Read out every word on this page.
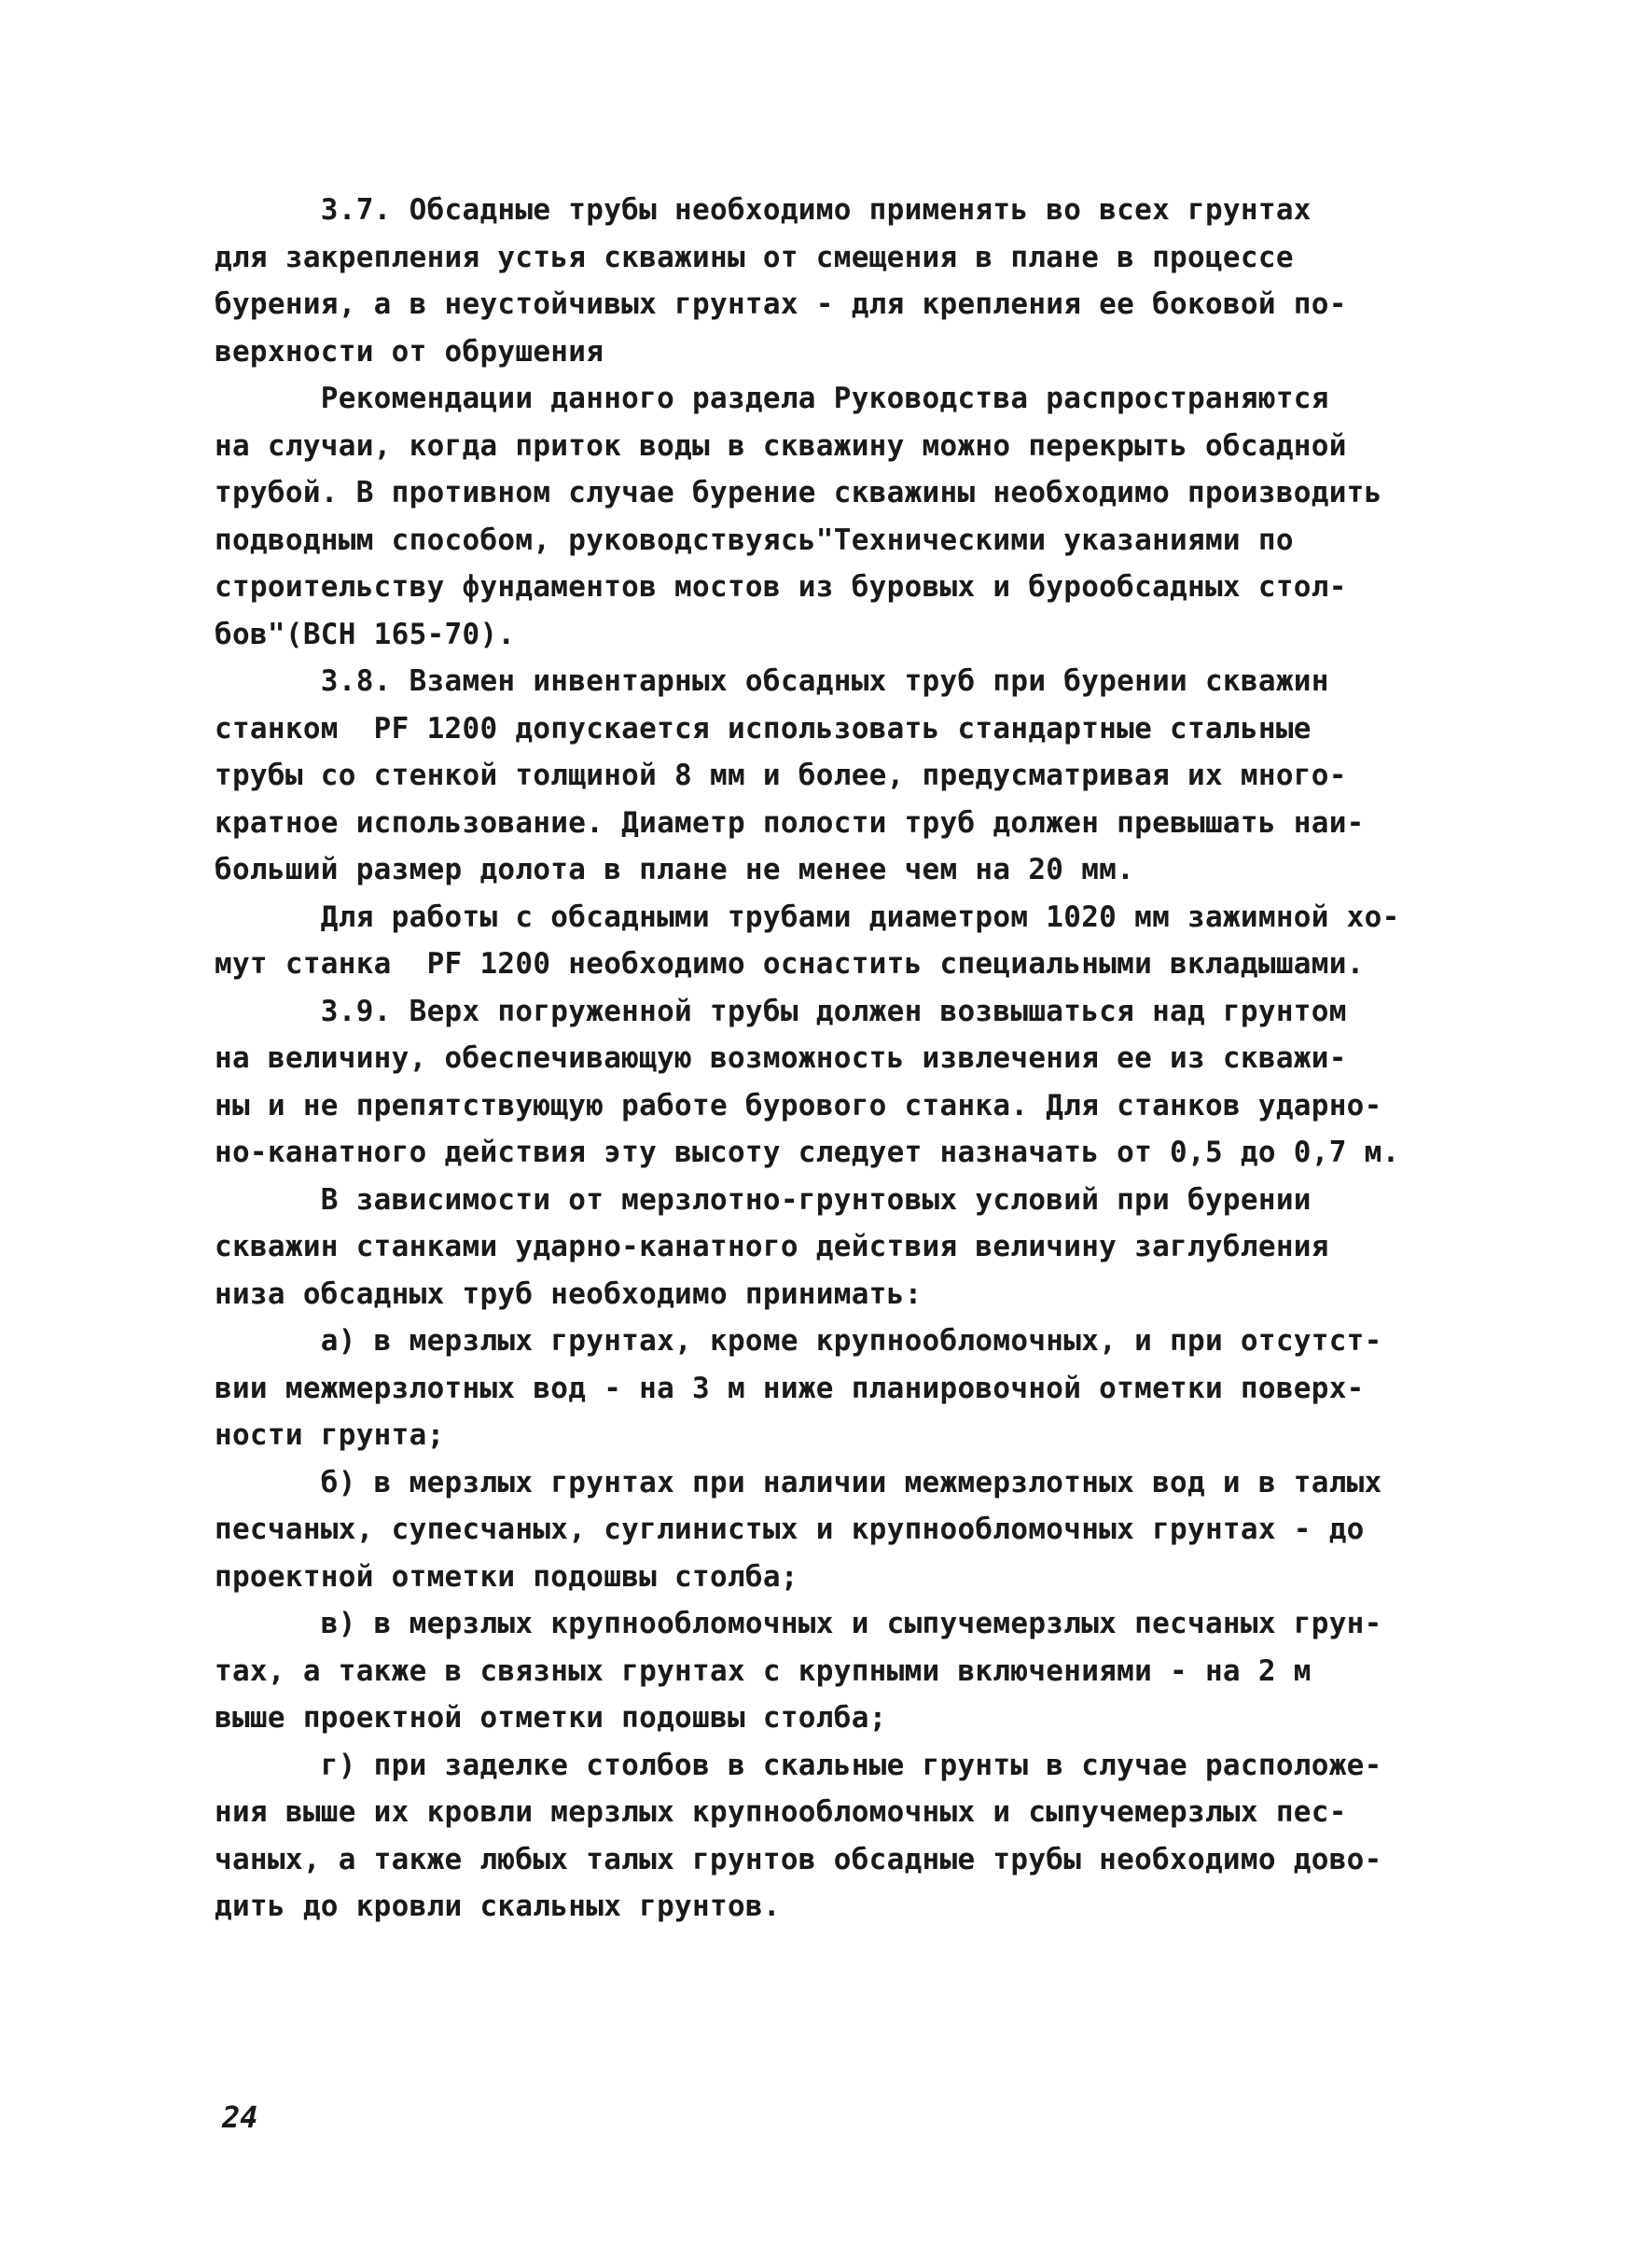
3.7. Обсадные трубы необходимо применять во всех грунтах
для закрепления устья скважины от смещения в плане в процессе
бурения, а в неустойчивых грунтах - для крепления ее боковой по-
верхности от обрушения
Рекомендации данного раздела Руководства распространяются
на случаи, когда приток воды в скважину можно перекрыть обсадной
трубой. В противном случае бурение скважины необходимо производить
подводным способом, руководствуясь"Техническими указаниями по
строительству фундаментов мостов из буровых и бурообсадных стол-
бов"(ВСН 165-70).
3.8. Взамен инвентарных обсадных труб при бурении скважин
станком  PF 1200 допускается использовать стандартные стальные
трубы со стенкой толщиной 8 мм и более, предусматривая их много-
кратное использование. Диаметр полости труб должен превышать наи-
больший размер долота в плане не менее чем на 20 мм.
Для работы с обсадными трубами диаметром 1020 мм зажимной хо-
мут станка  PF 1200 необходимо оснастить специальными вкладышами.
3.9. Верх погруженной трубы должен возвышаться над грунтом
на величину, обеспечивающую возможность извлечения ее из скважи-
ны и не препятствующую работе бурового станка. Для станков ударно-
но-канатного действия эту высоту следует назначать от 0,5 до 0,7 м.
В зависимости от мерзлотно-грунтовых условий при бурении
скважин станками ударно-канатного действия величину заглубления
низа обсадных труб необходимо принимать:
а) в мерзлых грунтах, кроме крупнообломочных, и при отсутст-
вии межмерзлотных вод - на 3 м ниже планировочной отметки поверх-
ности грунта;
б) в мерзлых грунтах при наличии межмерзлотных вод и в талых
песчаных, супесчаных, суглинистых и крупнообломочных грунтах - до
проектной отметки подошвы столба;
в) в мерзлых крупнообломочных и сыпучемерзлых песчаных грун-
тах, а также в связных грунтах с крупными включениями - на 2 м
выше проектной отметки подошвы столба;
г) при заделке столбов в скальные грунты в случае расположе-
ния выше их кровли мерзлых крупнообломочных и сыпучемерзлых пес-
чаных, а также любых талых грунтов обсадные трубы необходимо дово-
дить до кровли скальных грунтов.
24
